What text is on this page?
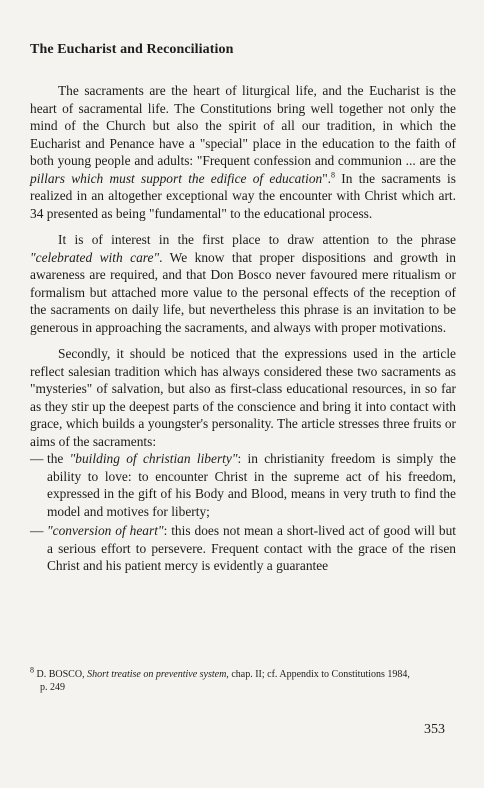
The Eucharist and Reconciliation

The sacraments are the heart of liturgical life, and the Eucharist is the heart of sacramental life. The Constitutions bring well together not only the mind of the Church but also the spirit of all our tradition, in which the Eucharist and Penance have a "special" place in the education to the faith of both young people and adults: "Frequent confession and communion ... are the pillars which must support the edifice of education".$^8$ In the sacraments is realized in an altogether exceptional way the encounter with Christ which art. 34 presented as being "fundamental" to the educational process.

It is of interest in the first place to draw attention to the phrase "celebrated with care". We know that proper dispositions and growth in awareness are required, and that Don Bosco never favoured mere ritualism or formalism but attached more value to the personal effects of the reception of the sacraments on daily life, but nevertheless this phrase is an invitation to be generous in approaching the sacraments, and always with proper motivations.

Secondly, it should be noticed that the expressions used in the article reflect salesian tradition which has always considered these two sacraments as "mysteries" of salvation, but also as first-class educational resources, in so far as they stir up the deepest parts of the conscience and bring it into contact with grace, which builds a youngster's personality. The article stresses three fruits or aims of the sacraments:

— the "building of christian liberty": in christianity freedom is simply the ability to love: to encounter Christ in the supreme act of his freedom, expressed in the gift of his Body and Blood, means in very truth to find the model and motives for liberty;
— "conversion of heart": this does not mean a short-lived act of good will but a serious effort to persevere. Frequent contact with the grace of the risen Christ and his patient mercy is evidently a guarantee
$^8$ D. BOSCO, Short treatise on preventive system, chap. II; cf. Appendix to Constitutions 1984,
p. 249
353
